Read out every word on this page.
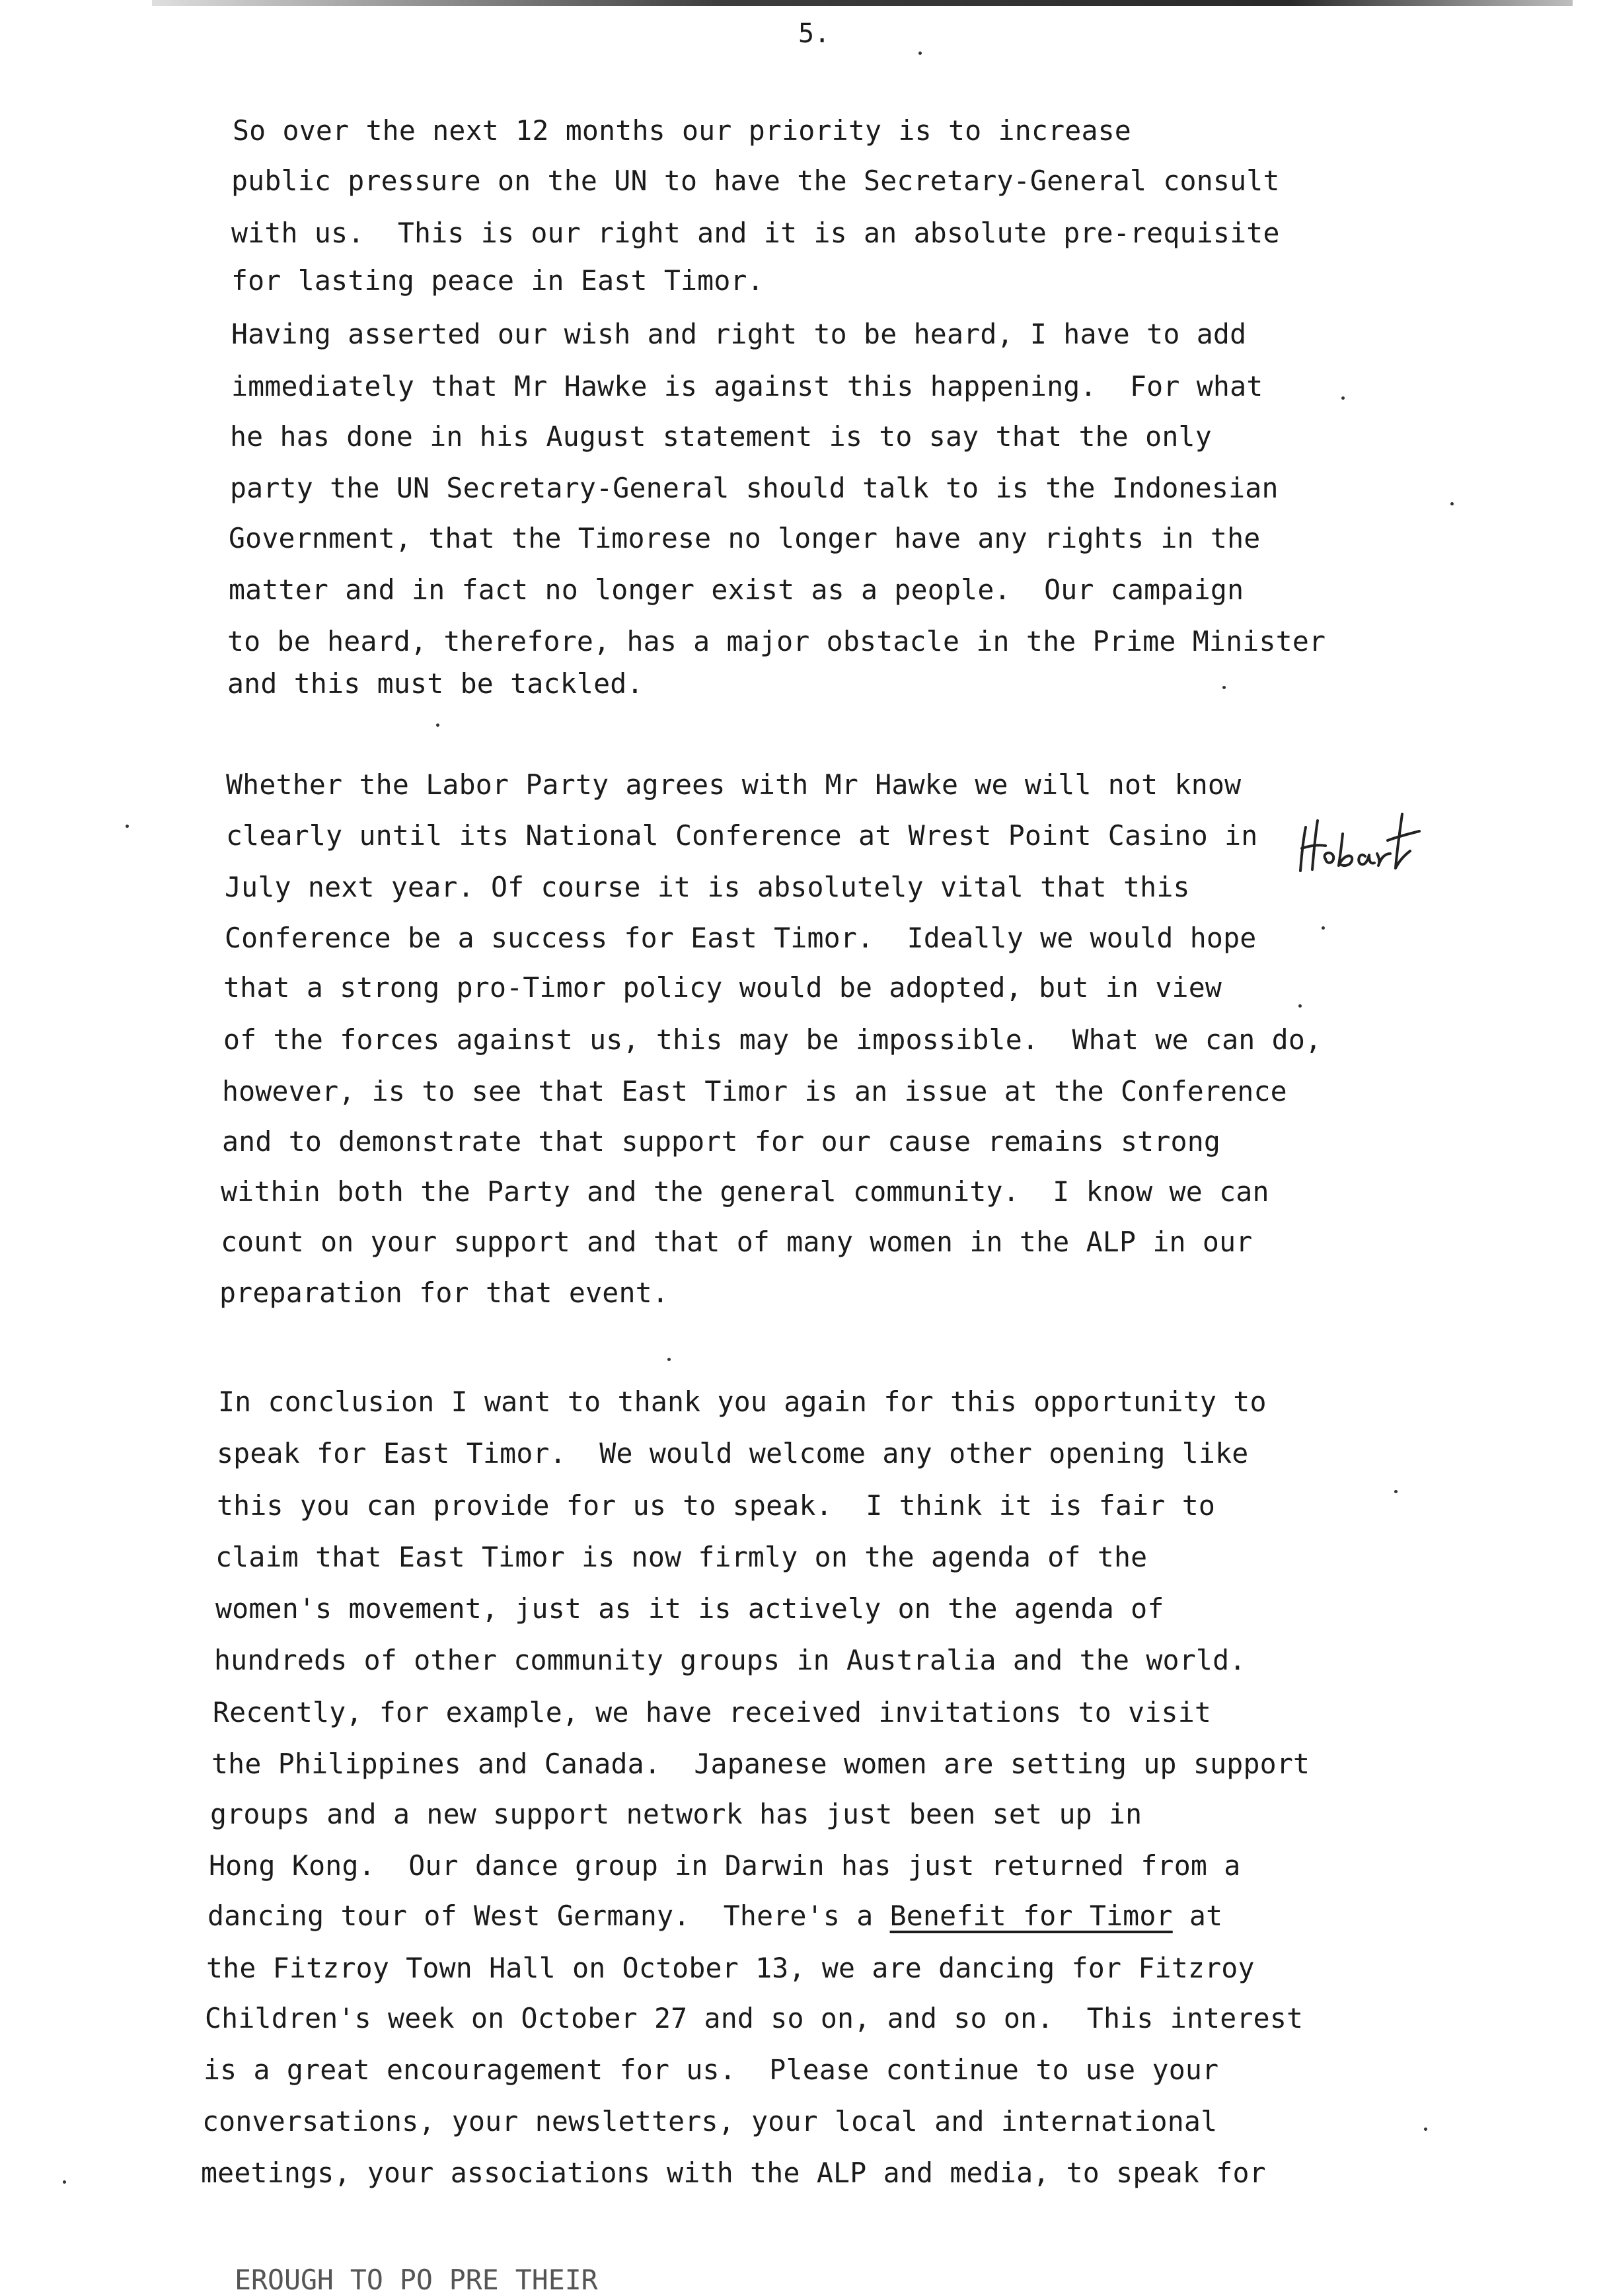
5.
So over the next 12 months our priority is to increase
public pressure on the UN to have the Secretary-General consult
with us.  This is our right and it is an absolute pre-requisite
for lasting peace in East Timor.
Having asserted our wish and right to be heard, I have to add
immediately that Mr Hawke is against this happening.  For what
he has done in his August statement is to say that the only
party the UN Secretary-General should talk to is the Indonesian
Government, that the Timorese no longer have any rights in the
matter and in fact no longer exist as a people.  Our campaign
to be heard, therefore, has a major obstacle in the Prime Minister
and this must be tackled.
Whether the Labor Party agrees with Mr Hawke we will not know
clearly until its National Conference at Wrest Point Casino in
July next year. Of course it is absolutely vital that this
Conference be a success for East Timor.  Ideally we would hope
that a strong pro-Timor policy would be adopted, but in view
of the forces against us, this may be impossible.  What we can do,
however, is to see that East Timor is an issue at the Conference
and to demonstrate that support for our cause remains strong
within both the Party and the general community.  I know we can
count on your support and that of many women in the ALP in our
preparation for that event.
In conclusion I want to thank you again for this opportunity to
speak for East Timor.  We would welcome any other opening like
this you can provide for us to speak.  I think it is fair to
claim that East Timor is now firmly on the agenda of the
women's movement, just as it is actively on the agenda of
hundreds of other community groups in Australia and the world.
Recently, for example, we have received invitations to visit
the Philippines and Canada.  Japanese women are setting up support
groups and a new support network has just been set up in
Hong Kong.  Our dance group in Darwin has just returned from a
dancing tour of West Germany.  There's a Benefit for Timor at
the Fitzroy Town Hall on October 13, we are dancing for Fitzroy
Children's week on October 27 and so on, and so on.  This interest
is a great encouragement for us.  Please continue to use your
conversations, your newsletters, your local and international
meetings, your associations with the ALP and media, to speak for
EROUGH TO PO PRE THEIR
